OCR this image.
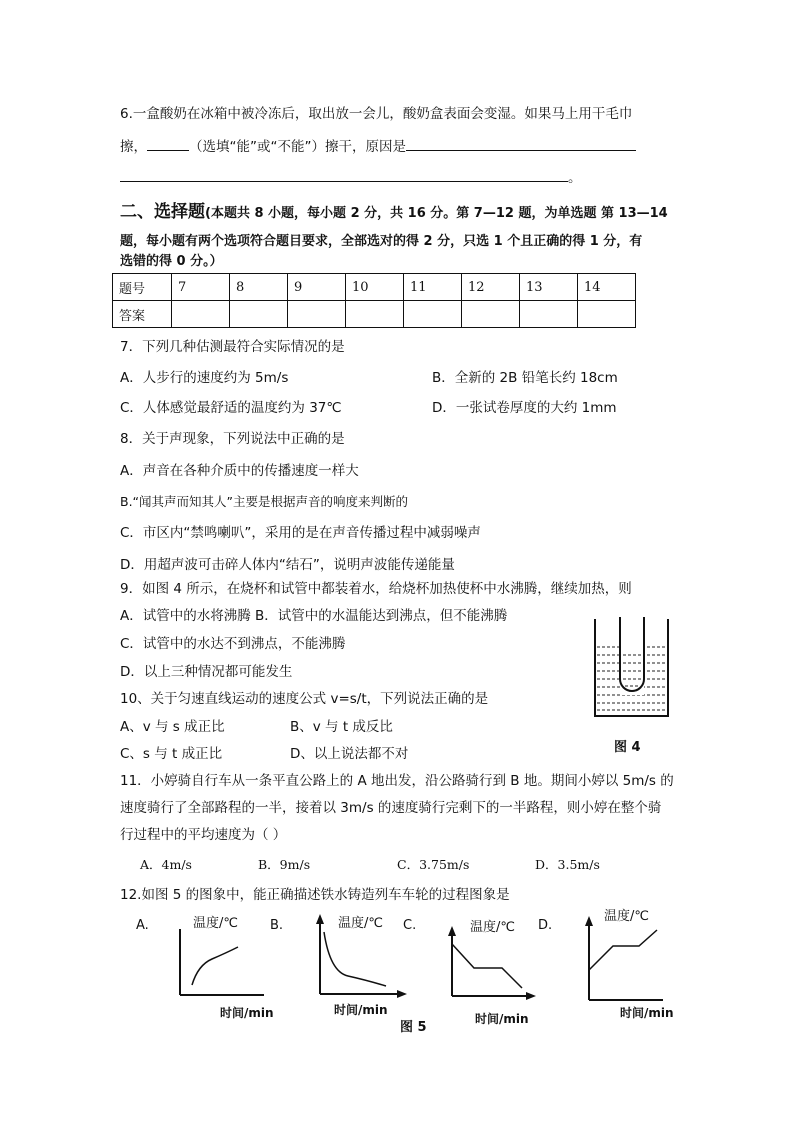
6.一盒酸奶在冰箱中被冷冻后，取出放一会儿，酸奶盒表面会变湿。如果马上用干毛巾
擦，	（选填“能”或“不能”）擦干，原因是
。
二、选择题(本题共 8 小题，每小题 2 分，共 16 分。第 7—12 题，为单选题 第 13—14
题，每小题有两个选项符合题目要求，全部选对的得 2 分，只选 1 个且正确的得 1 分，有
选错的得 0 分。）
题号	7	8	9	10	11	12	13	14
答案								
7．下列几种估测最符合实际情况的是
A．人步行的速度约为 5m/s	B．全新的 2B 铅笔长约 18cm
C．人体感觉最舒适的温度约为 37℃	D．一张试卷厚度的大约 1mm
8．关于声现象，下列说法中正确的是
A．声音在各种介质中的传播速度一样大
B.“闻其声而知其人”主要是根据声音的响度来判断的
C．市区内“禁鸣喇叭”，采用的是在声音传播过程中减弱噪声
D．用超声波可击碎人体内“结石”，说明声波能传递能量
9．如图 4 所示，在烧杯和试管中都装着水，给烧杯加热使杯中水沸腾，继续加热，则
A．试管中的水将沸腾 B．试管中的水温能达到沸点，但不能沸腾
C．试管中的水达不到沸点，不能沸腾
D．以上三种情况都可能发生
图 4
10、关于匀速直线运动的速度公式 v=s/t，下列说法正确的是
A、v 与 s 成正比	B、v 与 t 成反比
C、s 与 t 成正比	D、以上说法都不对
11．小婷骑自行车从一条平直公路上的 A 地出发，沿公路骑行到 B 地。期间小婷以 5m/s 的
速度骑行了全部路程的一半，接着以 3m/s 的速度骑行完剩下的一半路程，则小婷在整个骑
行过程中的平均速度为（ ）
A．4m/s	B．9m/s	C．3.75m/s	D．3.5m/s
12.如图 5 的图象中，能正确描述铁水铸造列车车轮的过程图象是
A.	B.	C.	D.
温度/℃	温度/℃	温度/℃
温度/℃
时间/min	时间/min
时间/min	时间/min
图 5
